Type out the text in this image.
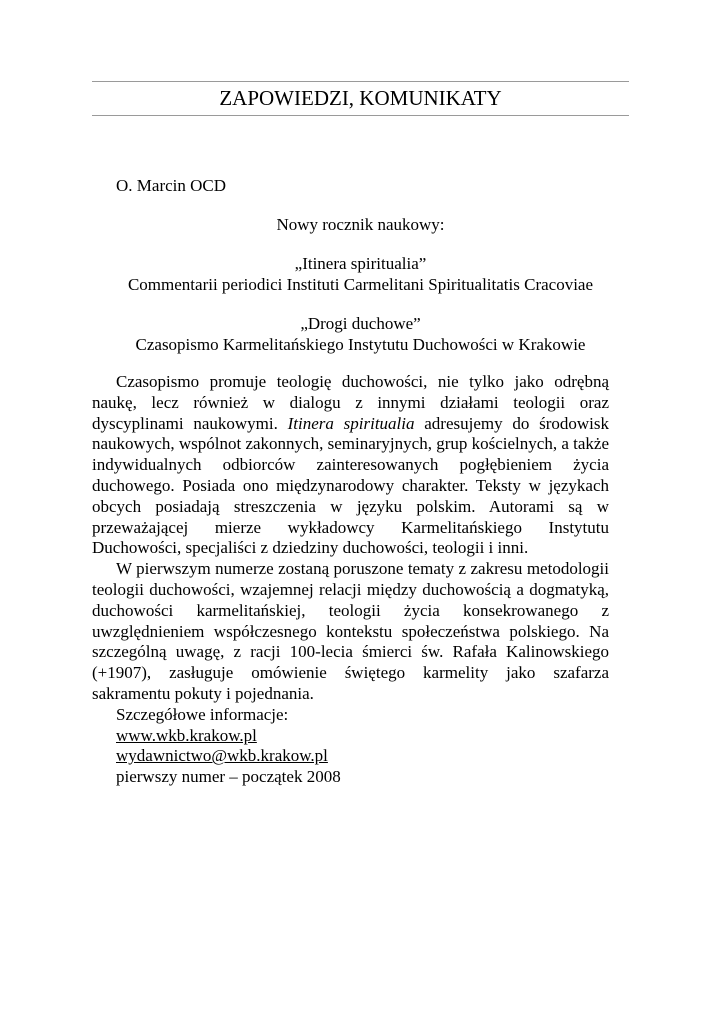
ZAPOWIEDZI, KOMUNIKATY
O. Marcin OCD
Nowy rocznik naukowy:
„Itinera spiritualia”
Commentarii periodici Instituti Carmelitani Spiritualitatis Cracoviae
„Drogi duchowe”
Czasopismo Karmelitańskiego Instytutu Duchowości w Krakowie

Czasopismo promuje teologię duchowości, nie tylko jako odrębną naukę, lecz również w dialogu z innymi działami teologii oraz dyscyplinami naukowymi. Itinera spiritualia adresujemy do środowisk naukowych, wspólnot zakonnych, seminaryjnych, grup kościelnych, a także indywidualnych odbiorców zainteresowanych pogłębieniem życia duchowego. Posiada ono międzynarodowy charakter. Teksty w językach obcych posiadają streszczenia w języku polskim. Autorami są w przeważającej mierze wykładowcy Karmelitańskiego Instytutu Duchowości, specjaliści z dziedziny duchowości, teologii i inni.

W pierwszym numerze zostaną poruszone tematy z zakresu metodologii teologii duchowości, wzajemnej relacji między duchowością a dogmatyką, duchowości karmelitańskiej, teologii życia konsekrowanego z uwzględnieniem współczesnego kontekstu społeczeństwa polskiego. Na szczególną uwagę, z racji 100-lecia śmierci św. Rafała Kalinowskiego (+1907), zasługuje omówienie świętego karmelity jako szafarza sakramentu pokuty i pojednania.

Szczegółowe informacje:
www.wkb.krakow.pl
wydawnictwo@wkb.krakow.pl
pierwszy numer – początek 2008
